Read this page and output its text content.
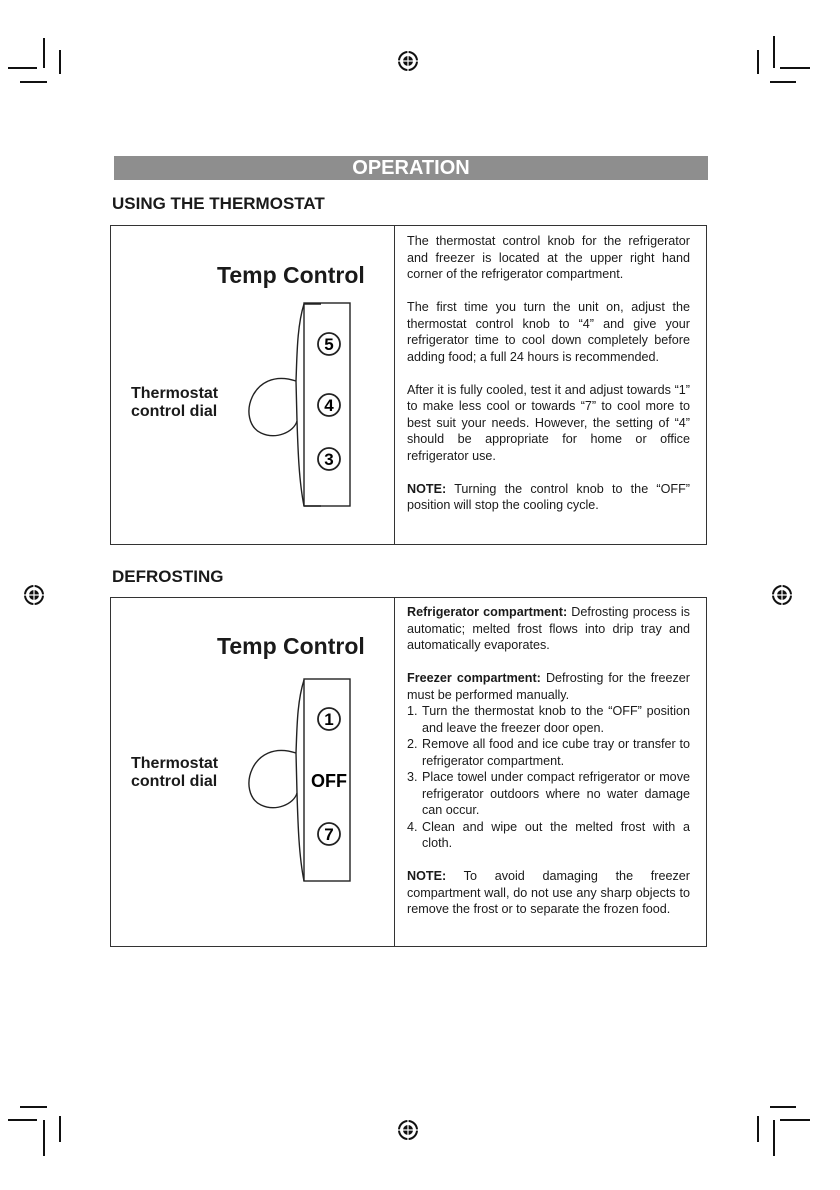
OPERATION
USING THE THERMOSTAT
Temp Control
Thermostat
control dial
5
4
3

The thermostat control knob for the refrigerator and freezer is located at the upper right hand corner of the refrigerator compartment.

The first time you turn the unit on, adjust the thermostat control knob to “4” and give your refrigerator time to cool down completely before adding food; a full 24 hours is recommended.

After it is fully cooled, test it and adjust towards “1” to make less cool or towards “7” to cool more to best suit your needs. However, the setting of “4” should be appropriate for home or office refrigerator use.

NOTE: Turning the control knob to the “OFF” position will stop the cooling cycle.

DEFROSTING
Temp Control
Thermostat
control dial
1
OFF
7

Refrigerator compartment: Defrosting process is automatic; melted frost flows into drip tray and automatically evaporates.

Freezer compartment: Defrosting for the freezer must be performed manually.

1. Turn the thermostat knob to the “OFF” position and leave the freezer door open.
2. Remove all food and ice cube tray or transfer to refrigerator compartment.
3. Place towel under compact refrigerator or move refrigerator outdoors where no water damage can occur.
4. Clean and wipe out the melted frost with a cloth.

NOTE: To avoid damaging the freezer compartment wall, do not use any sharp objects to remove the frost or to separate the frozen food.
